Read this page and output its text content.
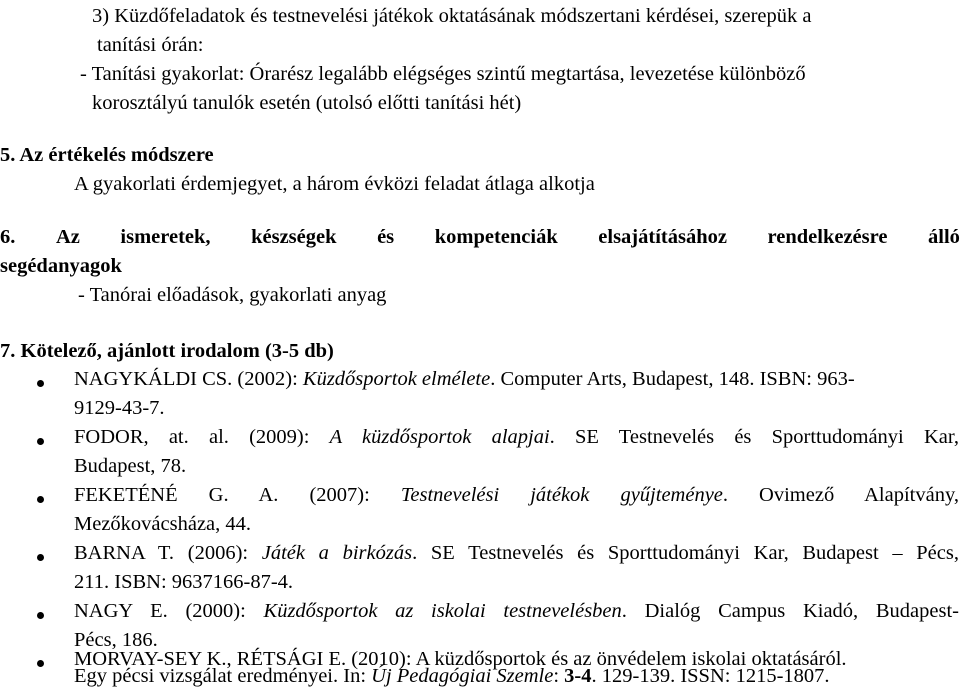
3) Küzdőfeladatok és testnevelési játékok oktatásának módszertani kérdései, szerepük a
tanítási órán:
- Tanítási gyakorlat: Órarész legalább elégséges szintű megtartása, levezetése különböző
korosztályú tanulók esetén (utolsó előtti tanítási hét)
5. Az értékelés módszere
A gyakorlati érdemjegyet, a három évközi feladat átlaga alkotja
6. Az ismeretek, készségek és kompetenciák elsajátításához rendelkezésre álló
segédanyagok
- Tanórai előadások, gyakorlati anyag
7. Kötelező, ajánlott irodalom (3-5 db)
NAGYKÁLDI CS. (2002): Küzdősportok elmélete. Computer Arts, Budapest, 148. ISBN: 963-
9129-43-7.
FODOR, at. al. (2009): A küzdősportok alapjai. SE Testnevelés és Sporttudományi Kar,
Budapest, 78.
FEKETÉNÉ G. A. (2007): Testnevelési játékok gyűjteménye. Ovimező Alapítvány,
Mezőkovácsháza, 44.
BARNA T. (2006): Játék a birkózás. SE Testnevelés és Sporttudományi Kar, Budapest – Pécs,
211. ISBN: 9637166-87-4.
NAGY E. (2000): Küzdősportok az iskolai testnevelésben. Dialóg Campus Kiadó, Budapest-
Pécs, 186.
MORVAY-SEY K., RÉTSÁGI E. (2010): A küzdősportok és az önvédelem iskolai oktatásáról.
Egy pécsi vizsgálat eredményei. In: Új Pedagógiai Szemle: 3-4. 129-139. ISSN: 1215-1807.
